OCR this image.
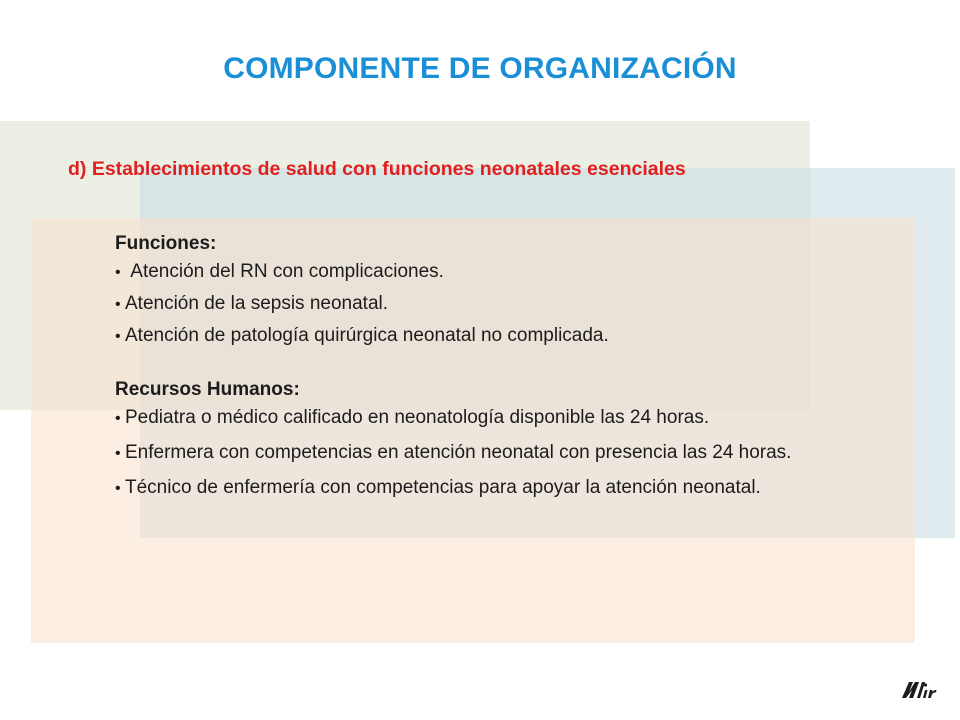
COMPONENTE DE ORGANIZACIÓN

d) Establecimientos de salud con funciones neonatales esenciales

Funciones:

• Atención del RN con complicaciones.
• Atención de la sepsis neonatal.
• Atención de patología quirúrgica neonatal no complicada.

Recursos Humanos:

• Pediatra o médico calificado en neonatología disponible las 24 horas.
• Enfermera con competencias en atención neonatal con presencia las 24 horas.
• Técnico de enfermería con competencias para apoyar la atención neonatal.
